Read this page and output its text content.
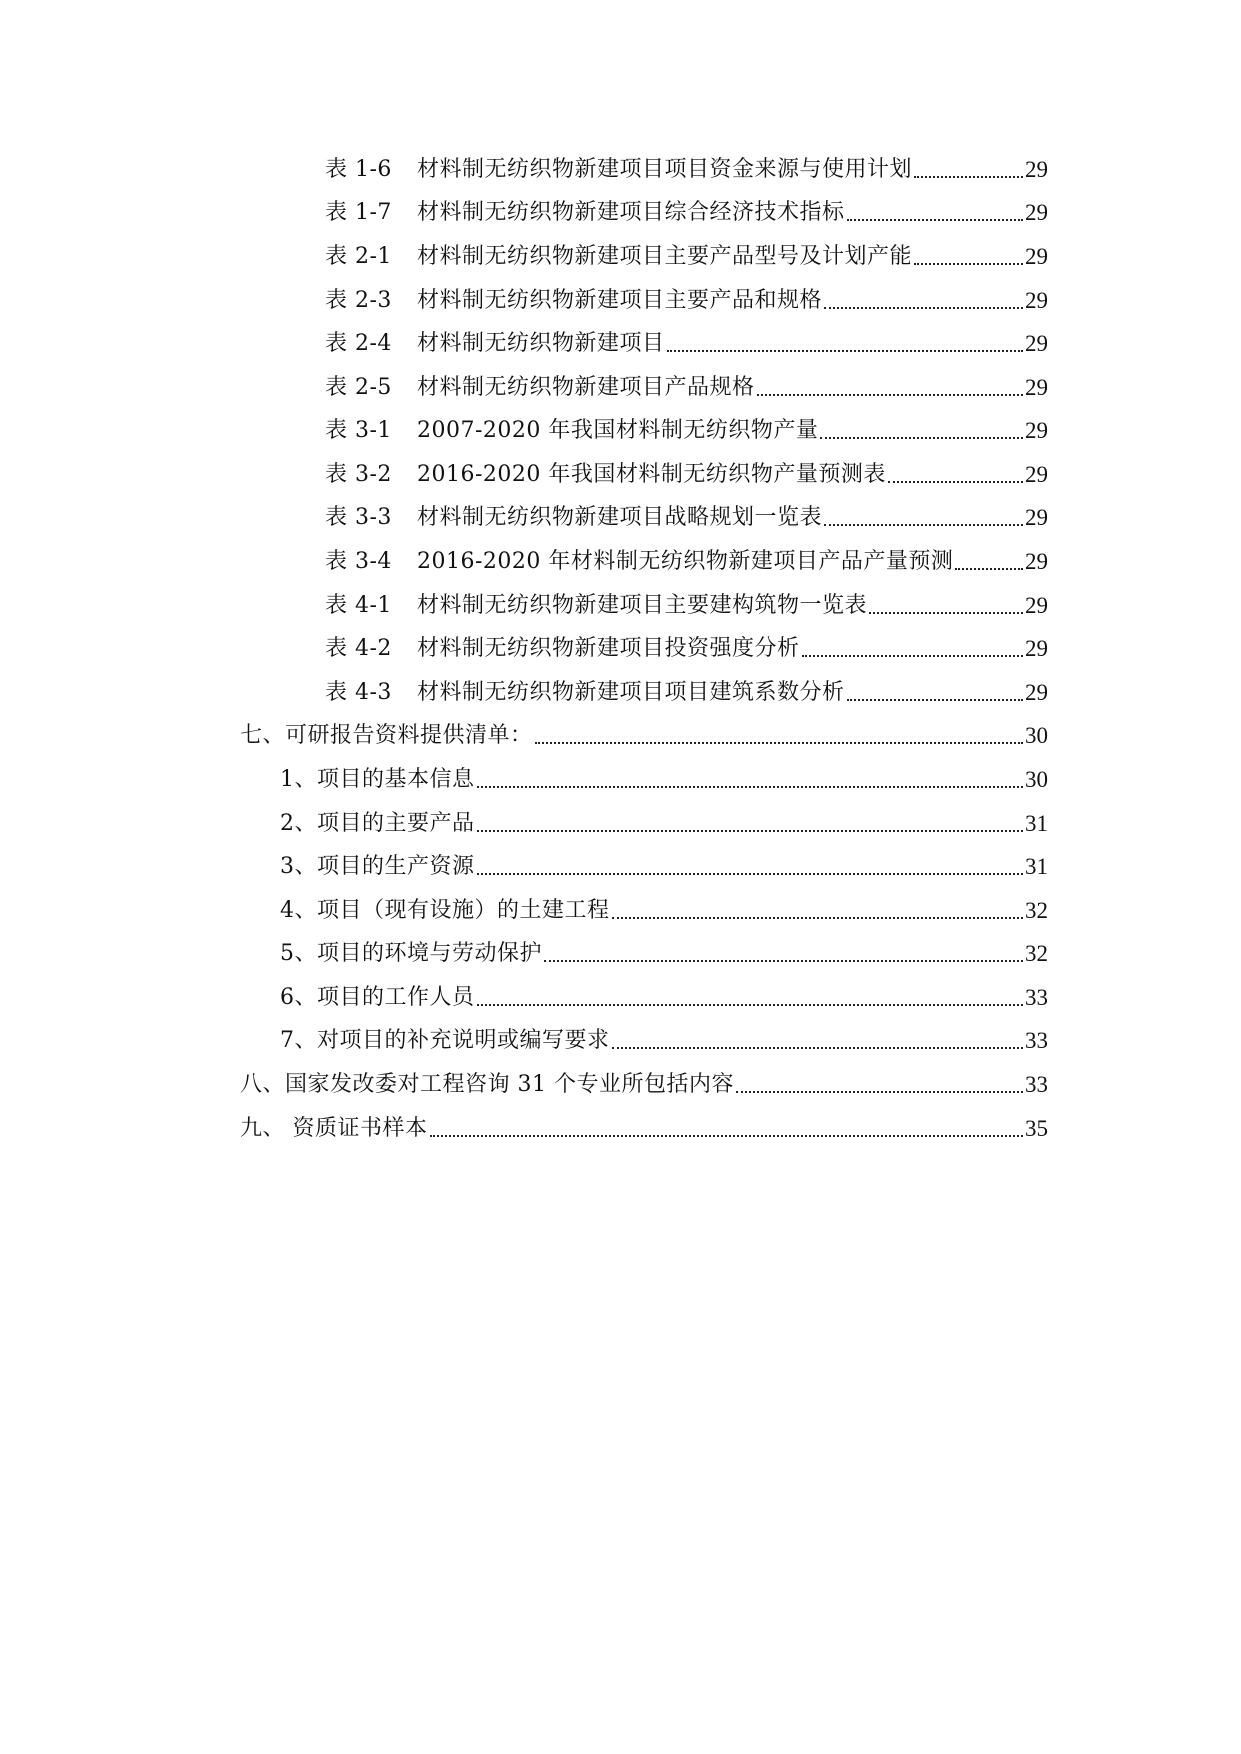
表 1-6 材料制无纺织物新建项目项目资金来源与使用计划	29
表 1-7 材料制无纺织物新建项目综合经济技术指标	29
表 2-1 材料制无纺织物新建项目主要产品型号及计划产能	29
表 2-3 材料制无纺织物新建项目主要产品和规格	29
表 2-4 材料制无纺织物新建项目	29
表 2-5 材料制无纺织物新建项目产品规格	29
表 3-1 2007-2020 年我国材料制无纺织物产量	29
表 3-2 2016-2020 年我国材料制无纺织物产量预测表	29
表 3-3 材料制无纺织物新建项目战略规划一览表	29
表 3-4 2016-2020 年材料制无纺织物新建项目产品产量预测	29
表 4-1 材料制无纺织物新建项目主要建构筑物一览表	29
表 4-2 材料制无纺织物新建项目投资强度分析	29
表 4-3 材料制无纺织物新建项目项目建筑系数分析	29
七、可研报告资料提供清单：	30
1、项目的基本信息	30
2、项目的主要产品	31
3、项目的生产资源	31
4、项目（现有设施）的土建工程	32
5、项目的环境与劳动保护	32
6、项目的工作人员	33
7、对项目的补充说明或编写要求	33
八、国家发改委对工程咨询 31 个专业所包括内容	33
九、 资质证书样本	35
